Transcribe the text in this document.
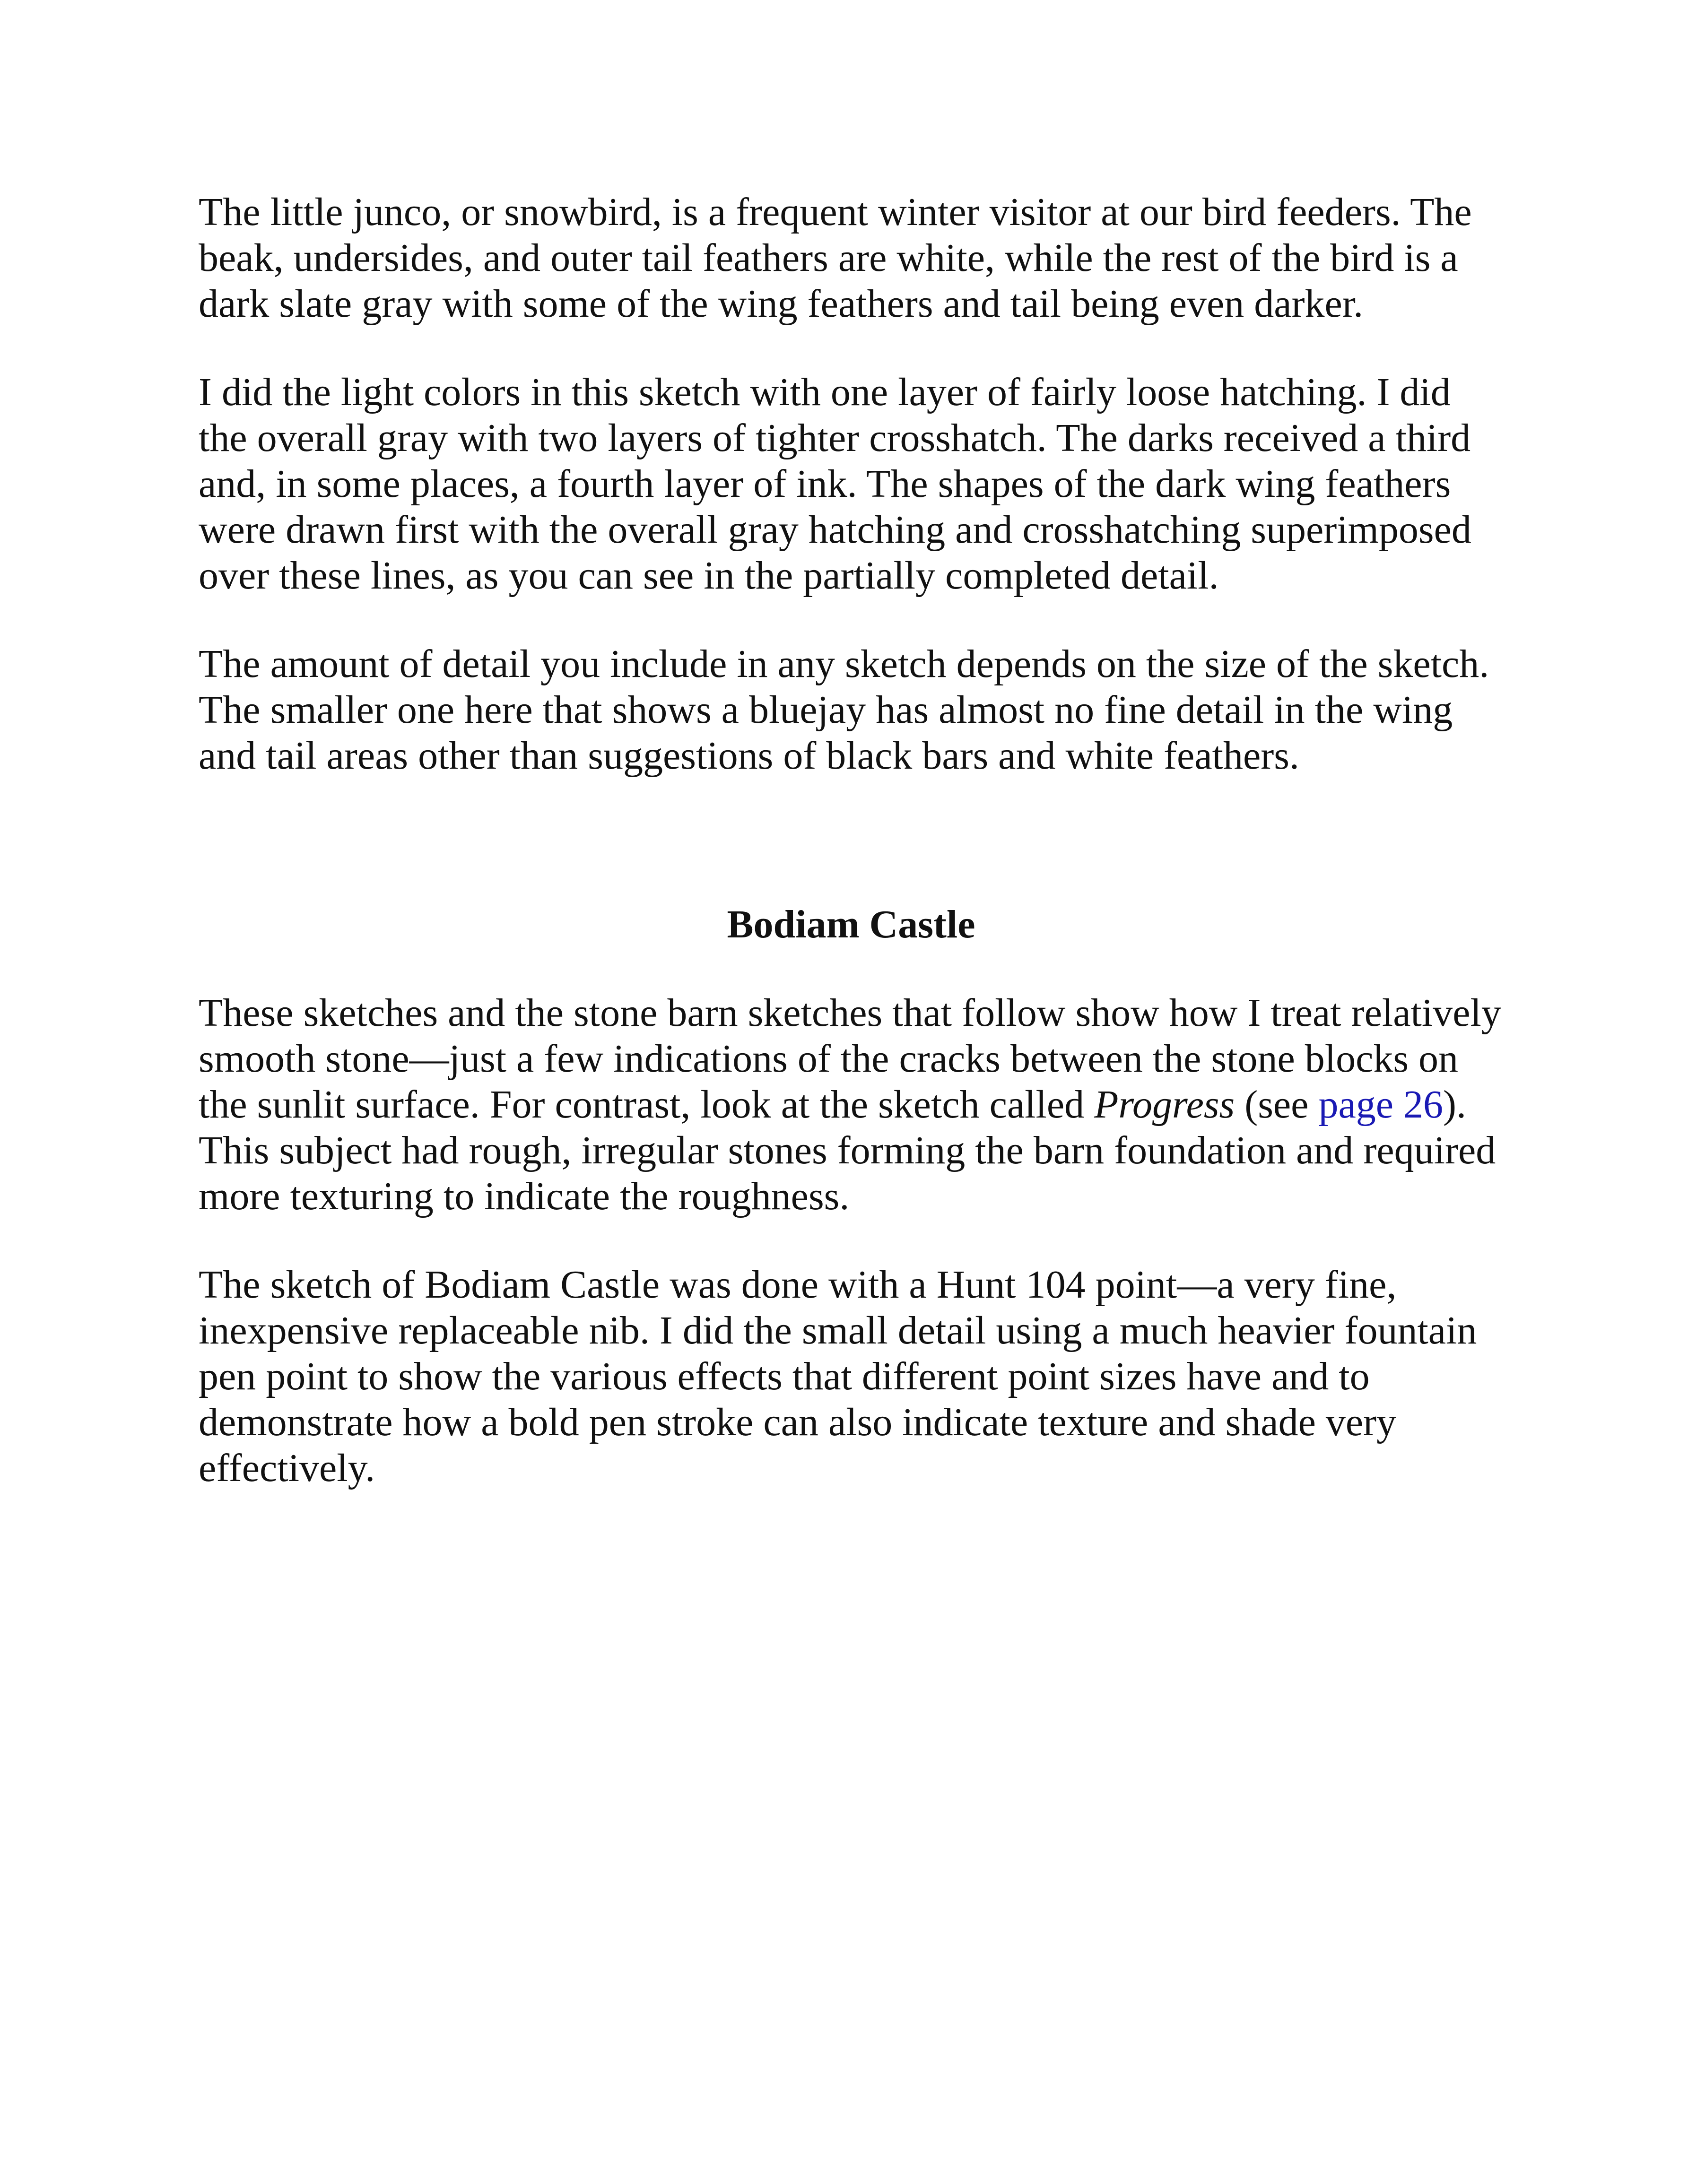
The little junco, or snowbird, is a frequent winter visitor at our bird feeders. The beak, undersides, and outer tail feathers are white, while the rest of the bird is a dark slate gray with some of the wing feathers and tail being even darker.

I did the light colors in this sketch with one layer of fairly loose hatching. I did the overall gray with two layers of tighter crosshatch. The darks received a third and, in some places, a fourth layer of ink. The shapes of the dark wing feathers were drawn first with the overall gray hatching and crosshatching superimposed over these lines, as you can see in the partially completed detail.

The amount of detail you include in any sketch depends on the size of the sketch. The smaller one here that shows a bluejay has almost no fine detail in the wing and tail areas other than suggestions of black bars and white feathers.

Bodiam Castle

These sketches and the stone barn sketches that follow show how I treat relatively smooth stone—just a few indications of the cracks between the stone blocks on the sunlit surface. For contrast, look at the sketch called Progress (see page 26). This subject had rough, irregular stones forming the barn foundation and required more texturing to indicate the roughness.

The sketch of Bodiam Castle was done with a Hunt 104 point—a very fine, inexpensive replaceable nib. I did the small detail using a much heavier fountain pen point to show the various effects that different point sizes have and to demonstrate how a bold pen stroke can also indicate texture and shade very effectively.
